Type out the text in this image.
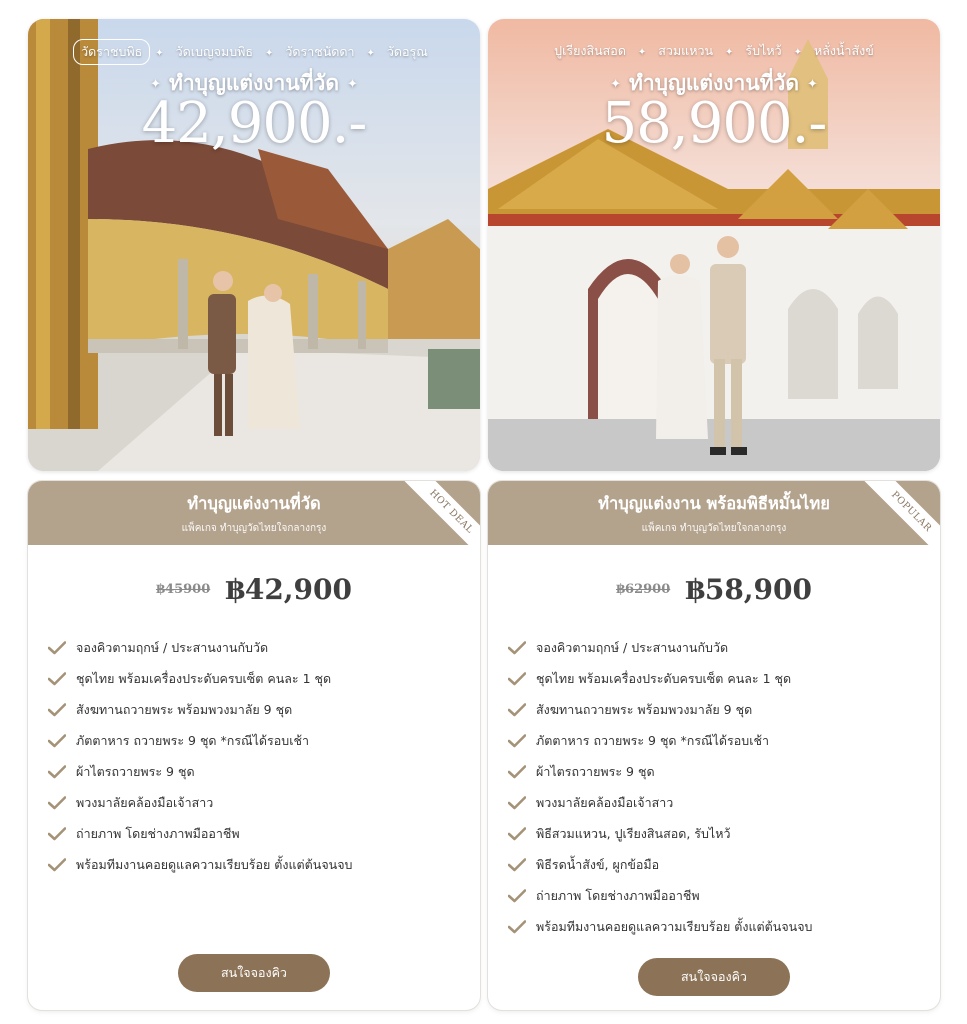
วัดราชบพิธ ✦ วัดเบญจมบพิธ ✦ วัดราชนัดดา ✦ วัดอรุณ
✦ ทำบุญแต่งงานที่วัด ✦
42,900.-
ปูเรียงสินสอด ✦ สวมแหวน ✦ รับไหว้ ✦ หลั่งน้ำสังข์
✦ ทำบุญแต่งงานที่วัด ✦
58,900.-
ทำบุญแต่งงานที่วัด
แพ็คเกจ ทำบุญวัดไทยใจกลางกรุง	HOT DEAL
฿45900 ฿42,900
จองคิวตามฤกษ์ / ประสานงานกับวัด
ชุดไทย พร้อมเครื่องประดับครบเซ็ต คนละ 1 ชุด
สังฆทานถวายพระ พร้อมพวงมาลัย 9 ชุด
ภัตตาหาร ถวายพระ 9 ชุด *กรณีได้รอบเช้า
ผ้าไตรถวายพระ 9 ชุด
พวงมาลัยคล้องมือเจ้าสาว
ถ่ายภาพ โดยช่างภาพมืออาชีพ
พร้อมทีมงานคอยดูแลความเรียบร้อย ตั้งแต่ต้นจนจบ
สนใจจองคิว
ทำบุญแต่งงาน พร้อมพิธีหมั้นไทย
แพ็คเกจ ทำบุญวัดไทยใจกลางกรุง	POPULAR
฿62900 ฿58,900
จองคิวตามฤกษ์ / ประสานงานกับวัด
ชุดไทย พร้อมเครื่องประดับครบเซ็ต คนละ 1 ชุด
สังฆทานถวายพระ พร้อมพวงมาลัย 9 ชุด
ภัตตาหาร ถวายพระ 9 ชุด *กรณีได้รอบเช้า
ผ้าไตรถวายพระ 9 ชุด
พวงมาลัยคล้องมือเจ้าสาว
พิธีสวมแหวน, ปูเรียงสินสอด, รับไหว้
พิธีรดน้ำสังข์, ผูกข้อมือ
ถ่ายภาพ โดยช่างภาพมืออาชีพ
พร้อมทีมงานคอยดูแลความเรียบร้อย ตั้งแต่ต้นจนจบ
สนใจจองคิว
